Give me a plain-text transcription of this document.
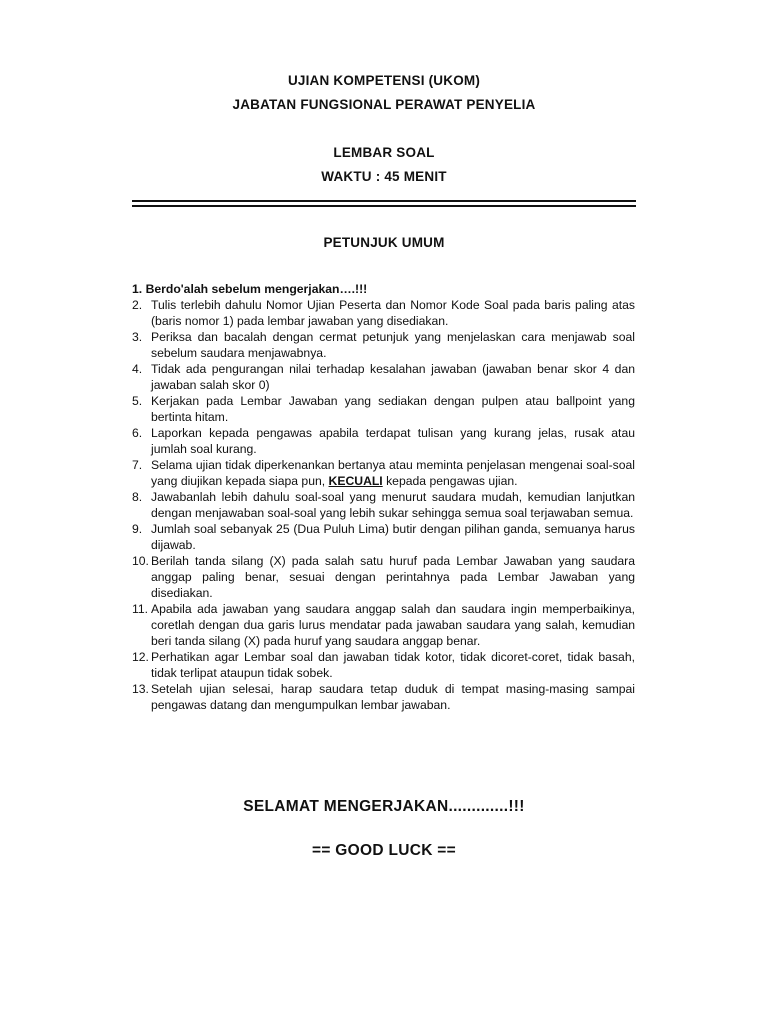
UJIAN KOMPETENSI (UKOM)
JABATAN FUNGSIONAL PERAWAT PENYELIA
LEMBAR SOAL
WAKTU : 45 MENIT
PETUNJUK UMUM
1. Berdo'alah sebelum mengerjakan….!!!
2. Tulis terlebih dahulu Nomor Ujian Peserta dan Nomor Kode Soal pada baris paling atas (baris nomor 1) pada lembar jawaban yang disediakan.
3. Periksa dan bacalah dengan cermat petunjuk yang menjelaskan cara menjawab soal sebelum saudara menjawabnya.
4. Tidak ada pengurangan nilai terhadap kesalahan jawaban (jawaban benar skor 4 dan jawaban salah skor 0)
5. Kerjakan pada Lembar Jawaban yang sediakan dengan pulpen atau ballpoint yang bertinta hitam.
6. Laporkan kepada pengawas apabila terdapat tulisan yang kurang jelas, rusak atau jumlah soal kurang.
7. Selama ujian tidak diperkenankan bertanya atau meminta penjelasan mengenai soal-soal yang diujikan kepada siapa pun, KECUALI kepada pengawas ujian.
8. Jawabanlah lebih dahulu soal-soal yang menurut saudara mudah, kemudian lanjutkan dengan menjawaban soal-soal yang lebih sukar sehingga semua soal terjawaban semua.
9. Jumlah soal sebanyak 25 (Dua Puluh Lima) butir dengan pilihan ganda, semuanya harus dijawab.
10. Berilah tanda silang (X) pada salah satu huruf pada Lembar Jawaban yang saudara anggap paling benar, sesuai dengan perintahnya pada Lembar Jawaban yang disediakan.
11. Apabila ada jawaban yang saudara anggap salah dan saudara ingin memperbaikinya, coretlah dengan dua garis lurus mendatar pada jawaban saudara yang salah, kemudian beri tanda silang (X) pada huruf yang saudara anggap benar.
12. Perhatikan agar Lembar soal dan jawaban tidak kotor, tidak dicoret-coret, tidak basah, tidak terlipat ataupun tidak sobek.
13. Setelah ujian selesai, harap saudara tetap duduk di tempat masing-masing sampai pengawas datang dan mengumpulkan lembar jawaban.
SELAMAT MENGERJAKAN.............!!!
== GOOD LUCK ==
